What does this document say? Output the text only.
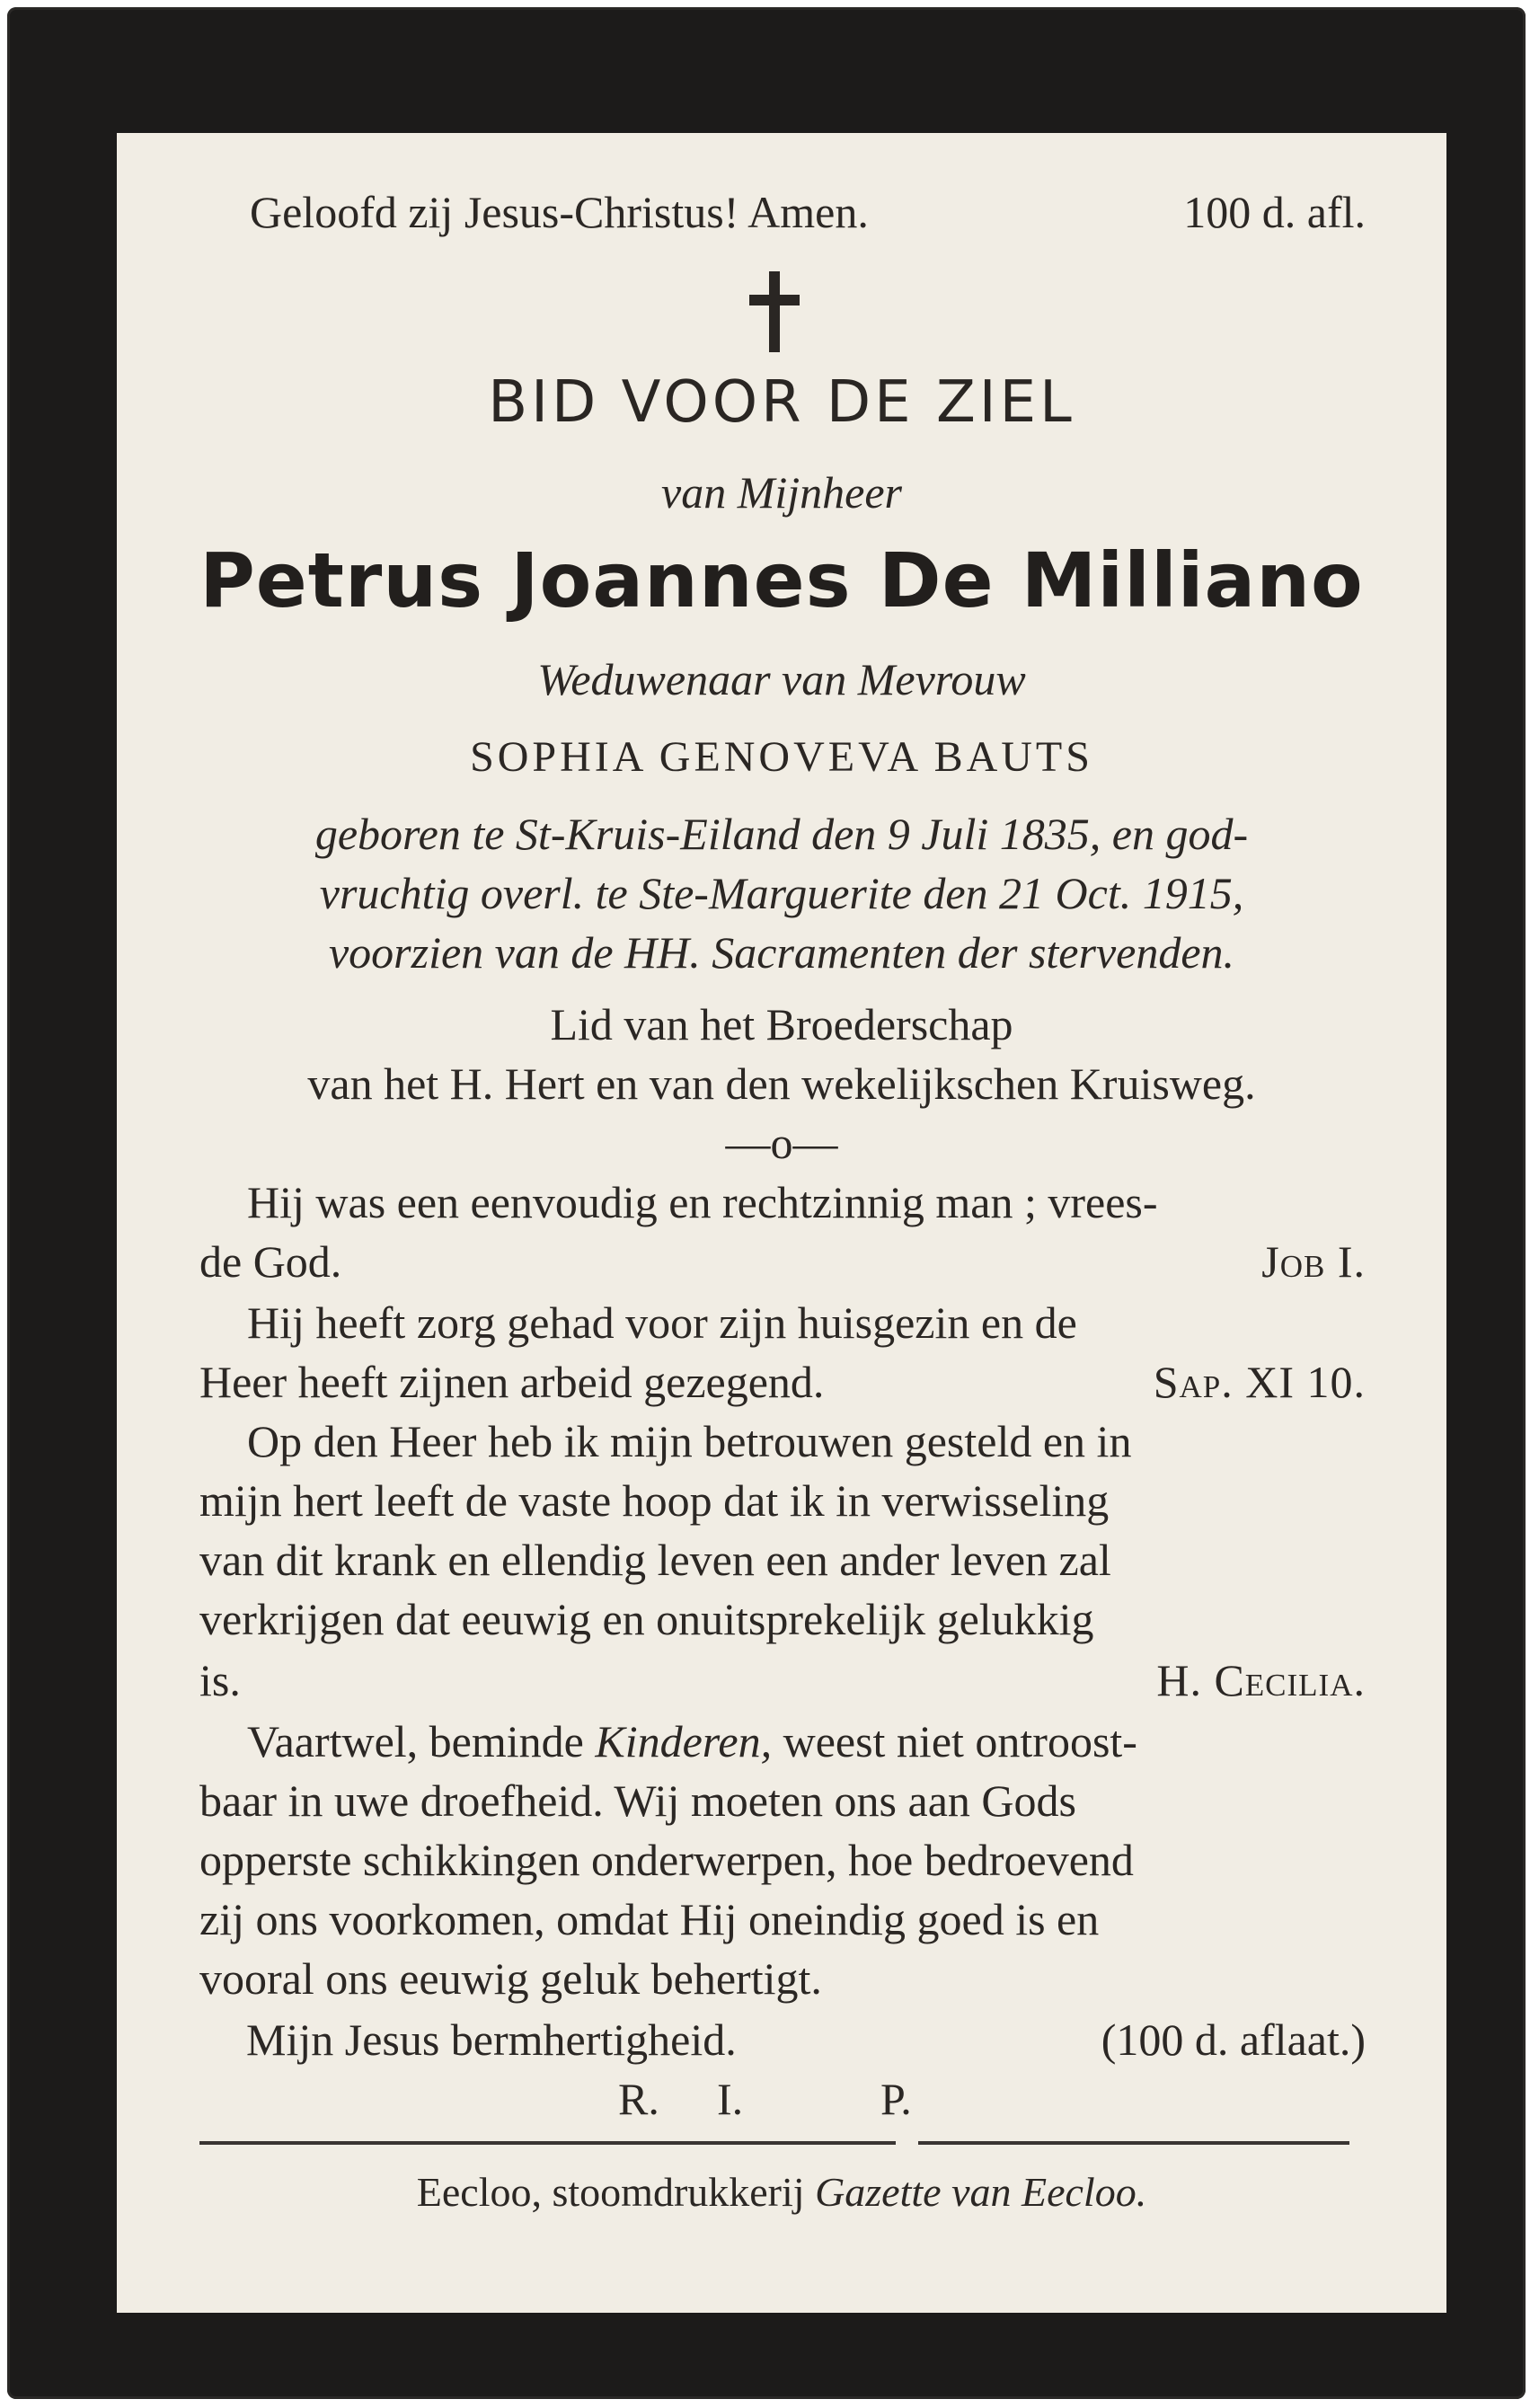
Geloofd zij Jesus-Christus! Amen.	100 d. afl.
BID VOOR DE ZIEL
van Mijnheer
Petrus Joannes De Milliano
Weduwenaar van Mevrouw
SOPHIA GENOVEVA BAUTS
geboren te St-Kruis-Eiland den 9 Juli 1835, en god-
vruchtig overl. te Ste-Marguerite den 21 Oct. 1915,
voorzien van de HH. Sacramenten der stervenden.
Lid van het Broederschap
van het H. Hert en van den wekelijkschen Kruisweg.
—o—
Hij was een eenvoudig en rechtzinnig man ; vrees-
de God.	Job I.
Hij heeft zorg gehad voor zijn huisgezin en de
Heer heeft zijnen arbeid gezegend.	Sap. XI 10.
Op den Heer heb ik mijn betrouwen gesteld en in
mijn hert leeft de vaste hoop dat ik in verwisseling
van dit krank en ellendig leven een ander leven zal
verkrijgen dat eeuwig en onuitsprekelijk gelukkig
is.	H. Cecilia.
Vaartwel, beminde Kinderen, weest niet ontroost-
baar in uwe droefheid. Wij moeten ons aan Gods
opperste schikkingen onderwerpen, hoe bedroevend
zij ons voorkomen, omdat Hij oneindig goed is en
vooral ons eeuwig geluk behertigt.
Mijn Jesus bermhertigheid.	(100 d. aflaat.)
R. I.	P.
Eecloo, stoomdrukkerij Gazette van Eecloo.
